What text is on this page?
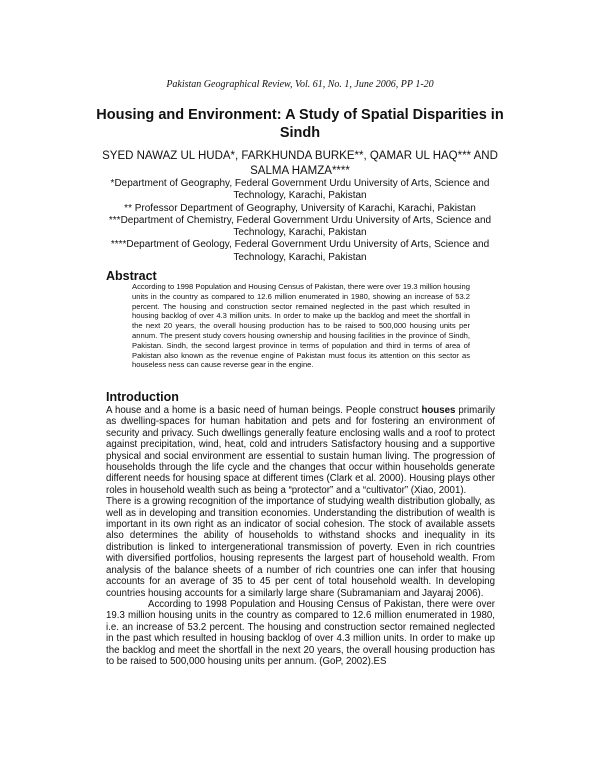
Pakistan Geographical Review, Vol. 61, No. 1, June 2006, PP 1-20
Housing and Environment: A Study of Spatial Disparities in Sindh
SYED NAWAZ UL HUDA*, FARKHUNDA BURKE**, QAMAR UL HAQ*** AND SALMA HAMZA****
*Department of Geography, Federal Government Urdu University of Arts, Science and Technology, Karachi, Pakistan
** Professor Department of Geography, University of Karachi, Karachi, Pakistan
***Department of Chemistry, Federal Government Urdu University of Arts, Science and Technology, Karachi, Pakistan
****Department of Geology, Federal Government Urdu University of Arts, Science and Technology, Karachi, Pakistan
Abstract
According to 1998 Population and Housing Census of Pakistan, there were over 19.3 million housing units in the country as compared to 12.6 million enumerated in 1980, showing an increase of 53.2 percent. The housing and construction sector remained neglected in the past which resulted in housing backlog of over 4.3 million units. In order to make up the backlog and meet the shortfall in the next 20 years, the overall housing production has to be raised to 500,000 housing units per annum. The present study covers housing ownership and housing facilities in the province of Sindh, Pakistan. Sindh, the second largest province in terms of population and third in terms of area of Pakistan also known as the revenue engine of Pakistan must focus its attention on this sector as houseless ness can cause reverse gear in the engine.
Introduction

A house and a home is a basic need of human beings. People construct houses primarily as dwelling-spaces for human habitation and pets and for fostering an environment of security and privacy. Such dwellings generally feature enclosing walls and a roof to protect against precipitation, wind, heat, cold and intruders Satisfactory housing and a supportive physical and social environment are essential to sustain human living. The progression of households through the life cycle and the changes that occur within households generate different needs for housing space at different times (Clark et al. 2000). Housing plays other roles in household wealth such as being a “protector” and a “cultivator” (Xiao, 2001).

There is a growing recognition of the importance of studying wealth distribution globally, as well as in developing and transition economies. Understanding the distribution of wealth is important in its own right as an indicator of social cohesion. The stock of available assets also determines the ability of households to withstand shocks and inequality in its distribution is linked to intergenerational transmission of poverty. Even in rich countries with diversified portfolios, housing represents the largest part of household wealth. From analysis of the balance sheets of a number of rich countries one can infer that housing accounts for an average of 35 to 45 per cent of total household wealth. In developing countries housing accounts for a similarly large share (Subramaniam and Jayaraj 2006).

According to 1998 Population and Housing Census of Pakistan, there were over 19.3 million housing units in the country as compared to 12.6 million enumerated in 1980, i.e. an increase of 53.2 percent. The housing and construction sector remained neglected in the past which resulted in housing backlog of over 4.3 million units. In order to make up the backlog and meet the shortfall in the next 20 years, the overall housing production has to be raised to 500,000 housing units per annum. (GoP, 2002).ES
